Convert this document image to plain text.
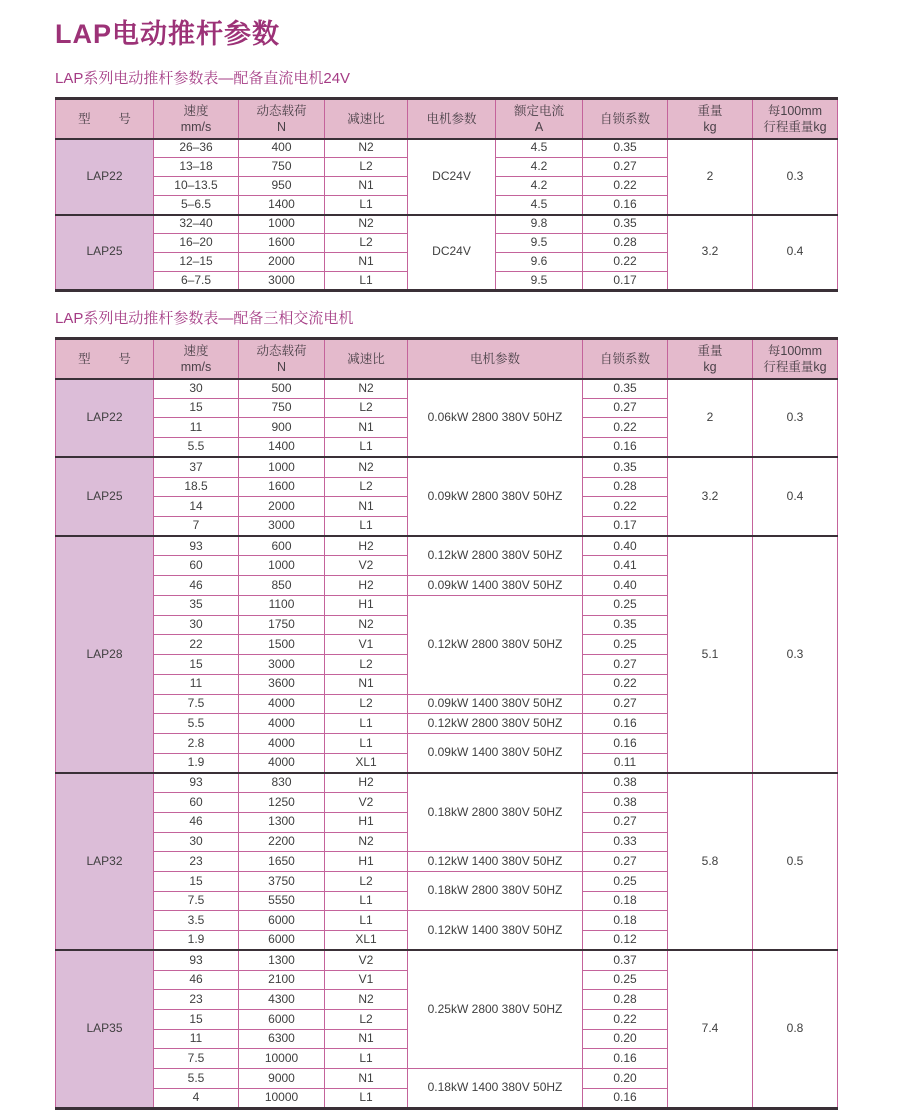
LAP电动推杆参数
LAP系列电动推杆参数表—配备直流电机24V
型        号	速度
mm/s	动态载荷
N	减速比	电机参数	额定电流
A	自锁系数	重量
kg	每100mm
行程重量kg

LAP22	26–36	400	N2	DC24V	4.5	0.35	2	0.3
	13–18	750	L2		4.2	0.27		
	10–13.5	950	N1		4.2	0.22		
	5–6.5	1400	L1		4.5	0.16		
LAP25	32–40	1000	N2	DC24V	9.8	0.35	3.2	0.4
	16–20	1600	L2		9.5	0.28		
	12–15	2000	N1		9.6	0.22		
	6–7.5	3000	L1		9.5	0.17		
LAP系列电动推杆参数表—配备三相交流电机
型        号	速度
mm/s	动态载荷
N	减速比	电机参数	自锁系数	重量
kg	每100mm
行程重量kg

LAP22	30	500	N2	0.06kW 2800 380V 50HZ	0.35	2	0.3
	15	750	L2		0.27		
	11	900	N1		0.22		
	5.5	1400	L1		0.16		
LAP25	37	1000	N2	0.09kW 2800 380V 50HZ	0.35	3.2	0.4
	18.5	1600	L2		0.28		
	14	2000	N1		0.22		
	7	3000	L1		0.17		
LAP28	93	600	H2	0.12kW 2800 380V 50HZ	0.40	5.1	0.3
	60	1000	V2		0.41		
	46	850	H2	0.09kW 1400 380V 50HZ	0.40		
	35	1100	H1	0.12kW 2800 380V 50HZ	0.25		
	30	1750	N2		0.35		
	22	1500	V1		0.25		
	15	3000	L2		0.27		
	11	3600	N1		0.22		
	7.5	4000	L2	0.09kW 1400 380V 50HZ	0.27		
	5.5	4000	L1	0.12kW 2800 380V 50HZ	0.16		
	2.8	4000	L1	0.09kW 1400 380V 50HZ	0.16		
	1.9	4000	XL1		0.11		
LAP32	93	830	H2	0.18kW 2800 380V 50HZ	0.38	5.8	0.5
	60	1250	V2		0.38		
	46	1300	H1		0.27		
	30	2200	N2		0.33		
	23	1650	H1	0.12kW 1400 380V 50HZ	0.27		
	15	3750	L2	0.18kW 2800 380V 50HZ	0.25		
	7.5	5550	L1		0.18		
	3.5	6000	L1	0.12kW 1400 380V 50HZ	0.18		
	1.9	6000	XL1		0.12		
LAP35	93	1300	V2	0.25kW 2800 380V 50HZ	0.37	7.4	0.8
	46	2100	V1		0.25		
	23	4300	N2		0.28		
	15	6000	L2		0.22		
	11	6300	N1		0.20		
	7.5	10000	L1		0.16		
	5.5	9000	N1	0.18kW 1400 380V 50HZ	0.20		
	4	10000	L1		0.16		
